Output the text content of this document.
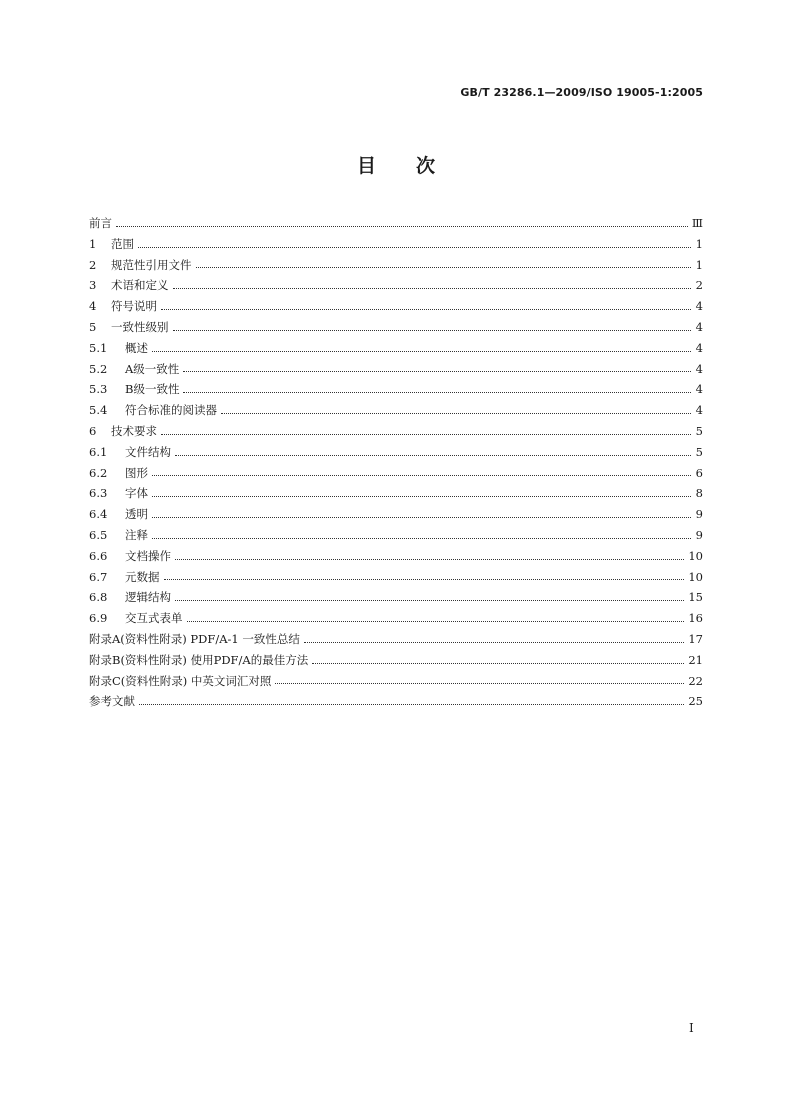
GB/T 23286.1—2009/ISO 19005-1:2005
目次
前言	Ⅲ
1	范围	1
2	规范性引用文件	1
3	术语和定义	2
4	符号说明	4
5	一致性级别	4
5.1	概述	4
5.2	A级一致性	4
5.3	B级一致性	4
5.4	符合标准的阅读器	4
6	技术要求	5
6.1	文件结构	5
6.2	图形	6
6.3	字体	8
6.4	透明	9
6.5	注释	9
6.6	文档操作	10
6.7	元数据	10
6.8	逻辑结构	15
6.9	交互式表单	16
附录A(资料性附录) PDF/A-1 一致性总结	17
附录B(资料性附录) 使用PDF/A的最佳方法	21
附录C(资料性附录) 中英文词汇对照	22
参考文献	25
I
